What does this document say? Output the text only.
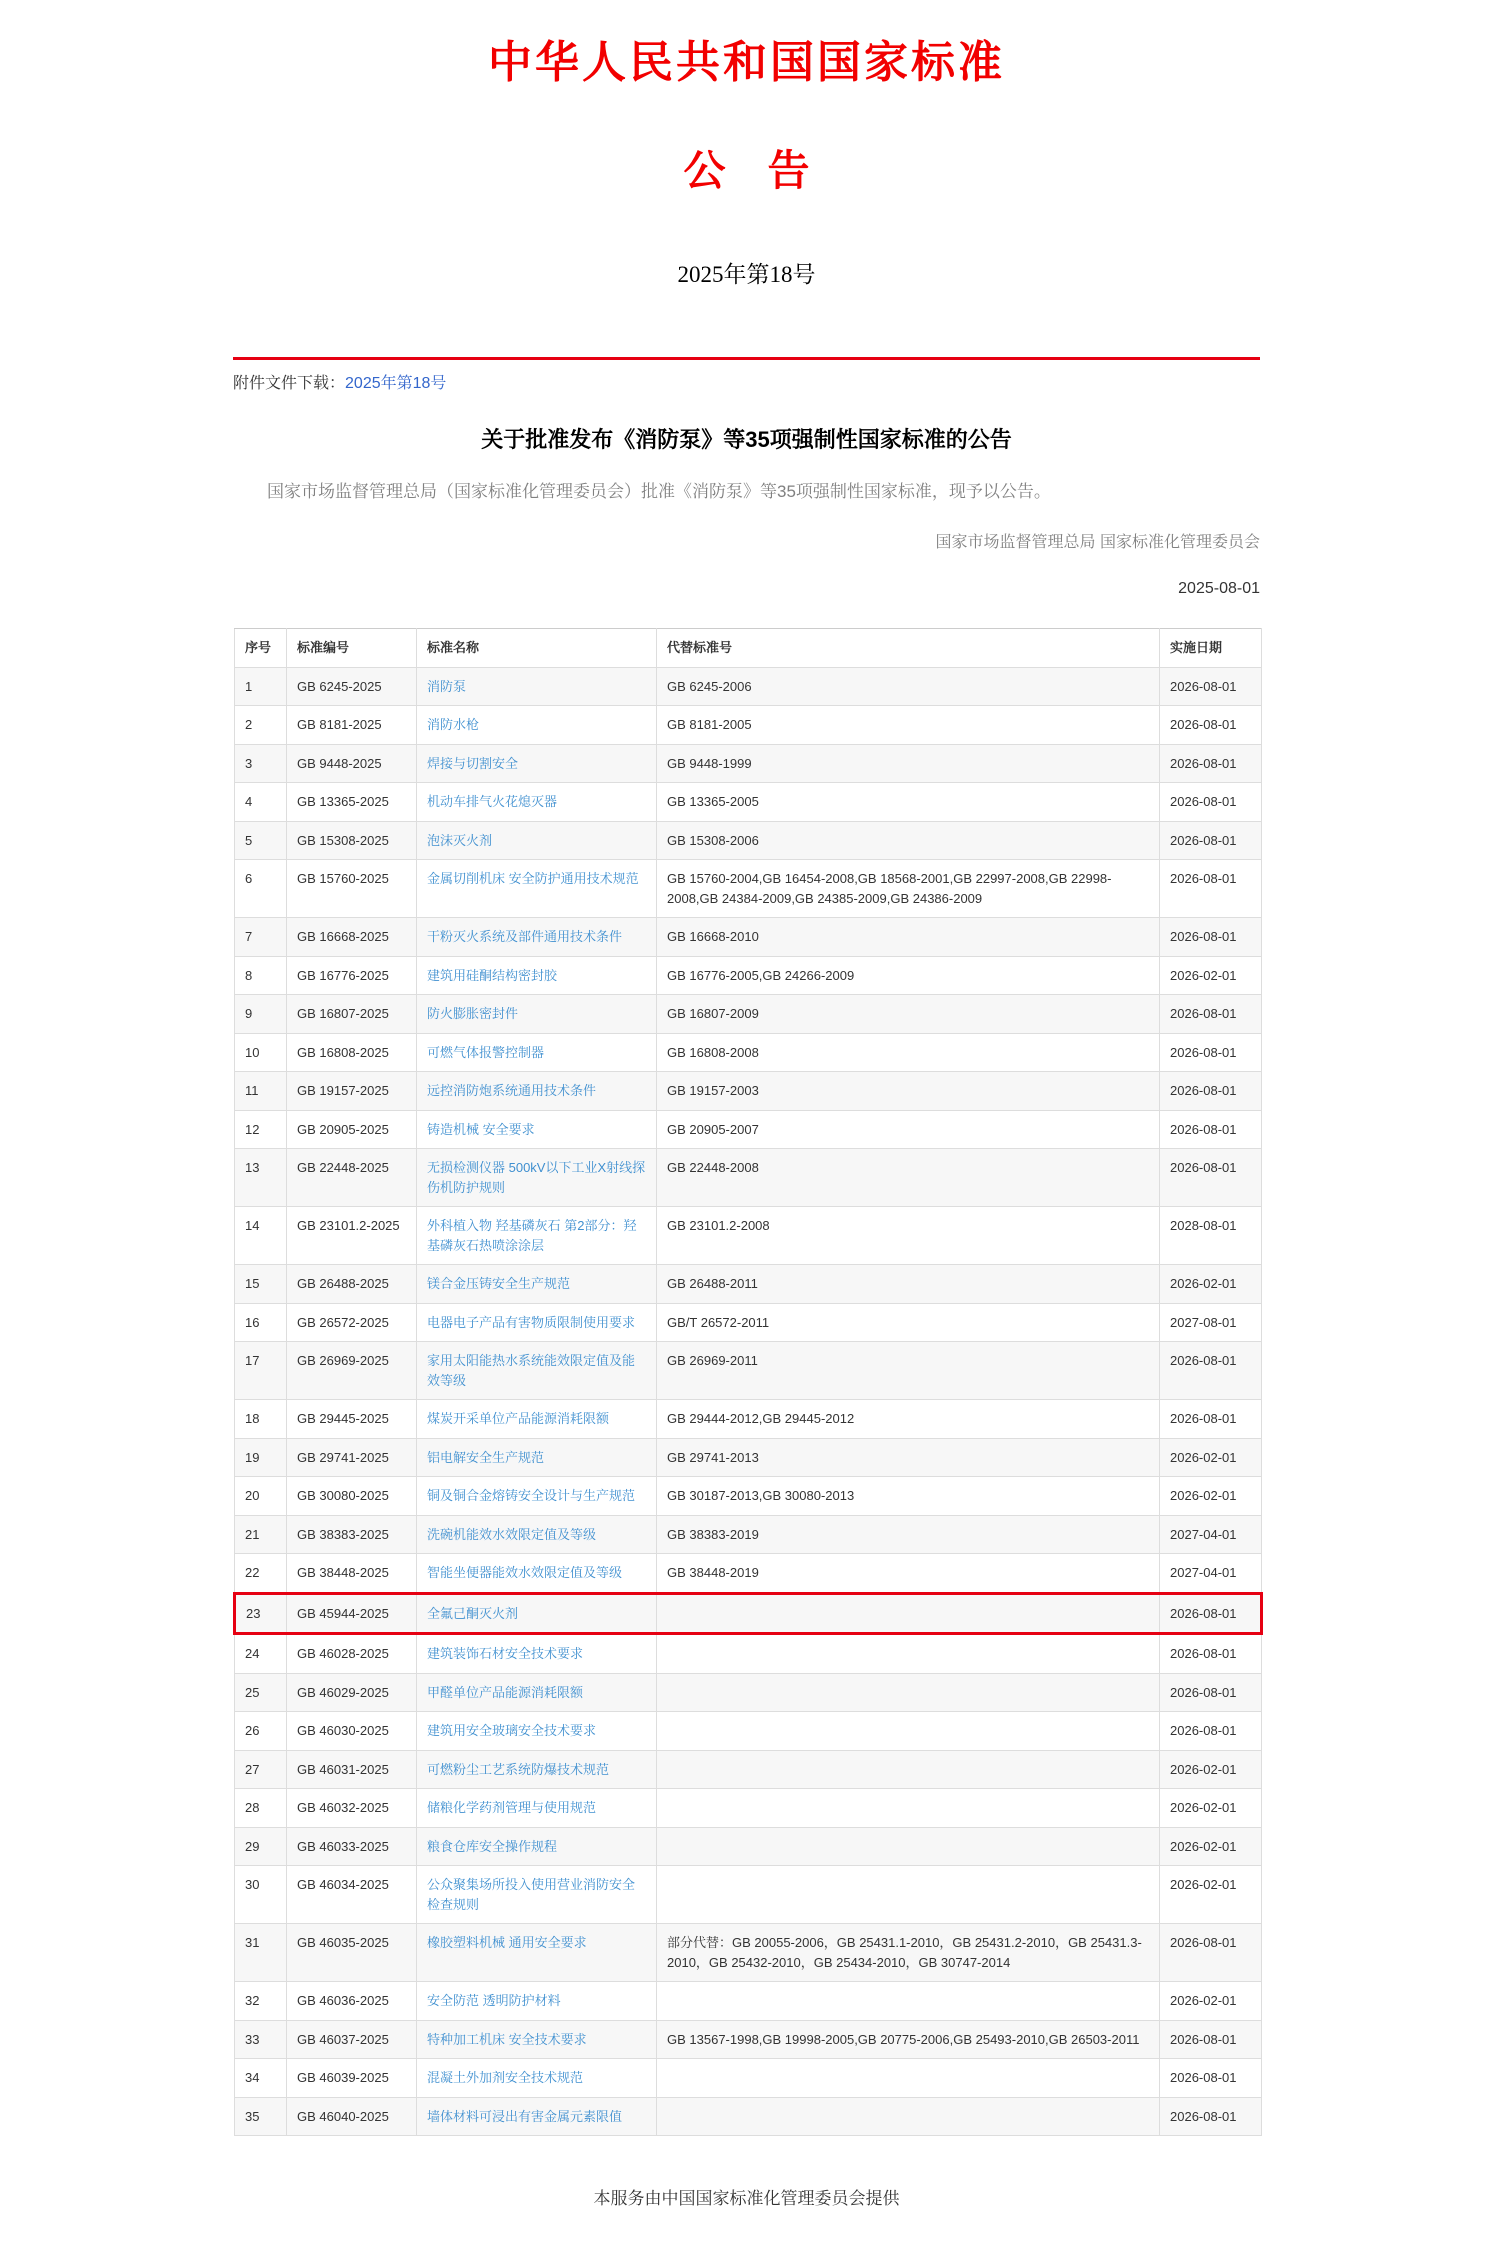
中华人民共和国国家标准
公　告
2025年第18号
附件文件下载：2025年第18号
关于批准发布《消防泵》等35项强制性国家标准的公告
国家市场监督管理总局（国家标准化管理委员会）批准《消防泵》等35项强制性国家标准，现予以公告。
国家市场监督管理总局 国家标准化管理委员会
2025-08-01
序号	标准编号	标准名称	代替标准号	实施日期
1	GB 6245-2025	消防泵	GB 6245-2006	2026-08-01
2	GB 8181-2025	消防水枪	GB 8181-2005	2026-08-01
3	GB 9448-2025	焊接与切割安全	GB 9448-1999	2026-08-01
4	GB 13365-2025	机动车排气火花熄灭器	GB 13365-2005	2026-08-01
5	GB 15308-2025	泡沫灭火剂	GB 15308-2006	2026-08-01
6	GB 15760-2025	金属切削机床 安全防护通用技术规范	GB 15760-2004,GB 16454-2008,GB 18568-2001,GB 22997-2008,GB 22998-2008,GB 24384-2009,GB 24385-2009,GB 24386-2009	2026-08-01
7	GB 16668-2025	干粉灭火系统及部件通用技术条件	GB 16668-2010	2026-08-01
8	GB 16776-2025	建筑用硅酮结构密封胶	GB 16776-2005,GB 24266-2009	2026-02-01
9	GB 16807-2025	防火膨胀密封件	GB 16807-2009	2026-08-01
10	GB 16808-2025	可燃气体报警控制器	GB 16808-2008	2026-08-01
11	GB 19157-2025	远控消防炮系统通用技术条件	GB 19157-2003	2026-08-01
12	GB 20905-2025	铸造机械 安全要求	GB 20905-2007	2026-08-01
13	GB 22448-2025	无损检测仪器 500kV以下工业X射线探伤机防护规则	GB 22448-2008	2026-08-01
14	GB 23101.2-2025	外科植入物 羟基磷灰石 第2部分：羟基磷灰石热喷涂涂层	GB 23101.2-2008	2028-08-01
15	GB 26488-2025	镁合金压铸安全生产规范	GB 26488-2011	2026-02-01
16	GB 26572-2025	电器电子产品有害物质限制使用要求	GB/T 26572-2011	2027-08-01
17	GB 26969-2025	家用太阳能热水系统能效限定值及能效等级	GB 26969-2011	2026-08-01
18	GB 29445-2025	煤炭开采单位产品能源消耗限额	GB 29444-2012,GB 29445-2012	2026-08-01
19	GB 29741-2025	铝电解安全生产规范	GB 29741-2013	2026-02-01
20	GB 30080-2025	铜及铜合金熔铸安全设计与生产规范	GB 30187-2013,GB 30080-2013	2026-02-01
21	GB 38383-2025	洗碗机能效水效限定值及等级	GB 38383-2019	2027-04-01
22	GB 38448-2025	智能坐便器能效水效限定值及等级	GB 38448-2019	2027-04-01
23	GB 45944-2025	全氟己酮灭火剂		2026-08-01
24	GB 46028-2025	建筑装饰石材安全技术要求		2026-08-01
25	GB 46029-2025	甲醛单位产品能源消耗限额		2026-08-01
26	GB 46030-2025	建筑用安全玻璃安全技术要求		2026-08-01
27	GB 46031-2025	可燃粉尘工艺系统防爆技术规范		2026-02-01
28	GB 46032-2025	储粮化学药剂管理与使用规范		2026-02-01
29	GB 46033-2025	粮食仓库安全操作规程		2026-02-01
30	GB 46034-2025	公众聚集场所投入使用营业消防安全检查规则		2026-02-01
31	GB 46035-2025	橡胶塑料机械 通用安全要求	部分代替：GB 20055-2006，GB 25431.1-2010，GB 25431.2-2010，GB 25431.3-2010，GB 25432-2010，GB 25434-2010，GB 30747-2014	2026-08-01
32	GB 46036-2025	安全防范 透明防护材料		2026-02-01
33	GB 46037-2025	特种加工机床 安全技术要求	GB 13567-1998,GB 19998-2005,GB 20775-2006,GB 25493-2010,GB 26503-2011	2026-08-01
34	GB 46039-2025	混凝土外加剂安全技术规范		2026-08-01
35	GB 46040-2025	墙体材料可浸出有害金属元素限值		2026-08-01
本服务由中国国家标准化管理委员会提供
